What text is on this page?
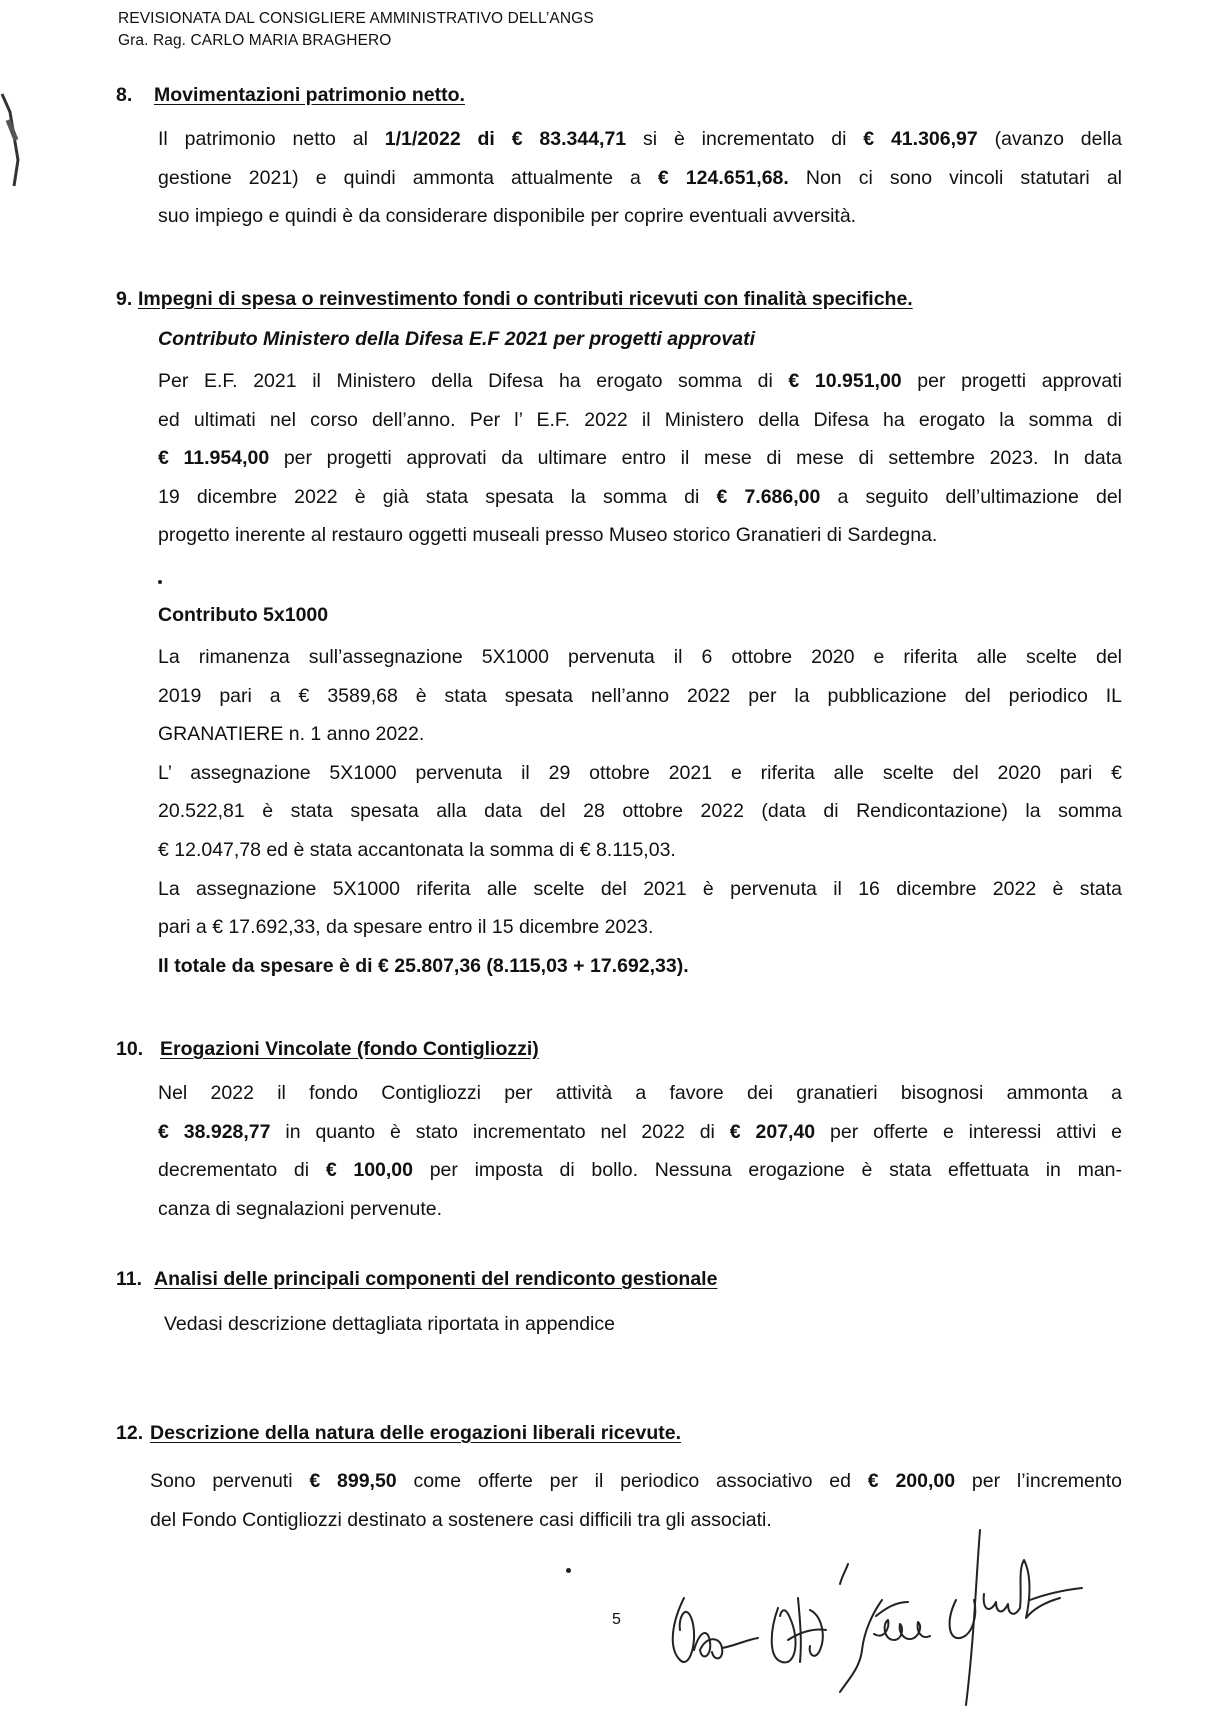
REVISIONATA DAL CONSIGLIERE AMMINISTRATIVO DELL’ANGS
Gra. Rag. CARLO MARIA BRAGHERO
8. Movimentazioni patrimonio netto.
Il patrimonio netto al 1/1/2022 di € 83.344,71 si è incrementato di € 41.306,97 (avanzo della
gestione 2021) e quindi ammonta attualmente a € 124.651,68. Non ci sono vincoli statutari al
suo impiego e quindi è da considerare disponibile per coprire eventuali avversità.
9. Impegni di spesa o reinvestimento fondi o contributi ricevuti con finalità specifiche.
Contributo Ministero della Difesa E.F 2021 per progetti approvati
Per E.F. 2021 il Ministero della Difesa ha erogato somma di € 10.951,00 per progetti approvati
ed ultimati nel corso dell’anno. Per l’ E.F. 2022 il Ministero della Difesa ha erogato la somma di
€ 11.954,00 per progetti approvati da ultimare entro il mese di mese di settembre 2023. In data
19 dicembre 2022 è già stata spesata la somma di € 7.686,00 a seguito dell’ultimazione del
progetto inerente al restauro oggetti museali presso Museo storico Granatieri di Sardegna.
Contributo 5x1000
La rimanenza sull’assegnazione 5X1000 pervenuta il 6 ottobre 2020 e riferita alle scelte del
2019 pari a € 3589,68 è stata spesata nell’anno 2022 per la pubblicazione del periodico IL
GRANATIERE n. 1 anno 2022.
L’ assegnazione 5X1000 pervenuta il 29 ottobre 2021 e riferita alle scelte del 2020 pari €
20.522,81 è stata spesata alla data del 28 ottobre 2022 (data di Rendicontazione) la somma
€ 12.047,78 ed è stata accantonata la somma di € 8.115,03.
La assegnazione 5X1000 riferita alle scelte del 2021 è pervenuta il 16 dicembre 2022 è stata
pari a € 17.692,33, da spesare entro il 15 dicembre 2023.
Il totale da spesare è di € 25.807,36 (8.115,03 + 17.692,33).
10. Erogazioni Vincolate (fondo Contigliozzi)
Nel 2022 il fondo Contigliozzi per attività a favore dei granatieri bisognosi ammonta a
€ 38.928,77 in quanto è stato incrementato nel 2022 di € 207,40 per offerte e interessi attivi e
decrementato di € 100,00 per imposta di bollo. Nessuna erogazione è stata effettuata in man-
canza di segnalazioni pervenute.
11. Analisi delle principali componenti del rendiconto gestionale
Vedasi descrizione dettagliata riportata in appendice
12. Descrizione della natura delle erogazioni liberali ricevute.
Sono pervenuti € 899,50 come offerte per il periodico associativo ed € 200,00 per l’incremento
del Fondo Contigliozzi destinato a sostenere casi difficili tra gli associati.
5
